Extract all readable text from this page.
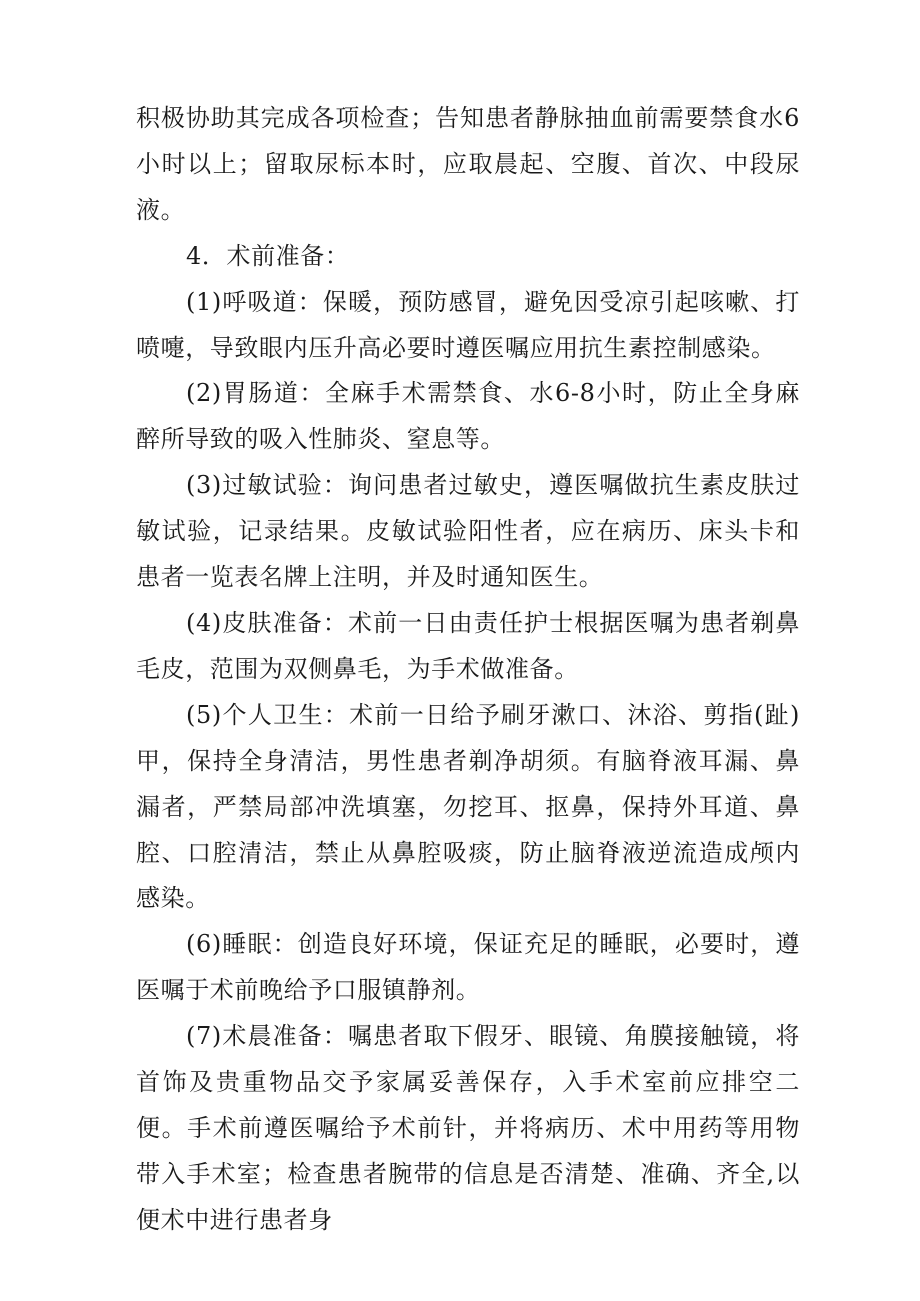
积极协助其完成各项检查；告知患者静脉抽血前需要禁食水6小时以上；留取尿标本时，应取晨起、空腹、首次、中段尿液。

4．术前准备：

(1)呼吸道：保暖，预防感冒，避免因受凉引起咳嗽、打喷嚏，导致眼内压升高必要时遵医嘱应用抗生素控制感染。

(2)胃肠道：全麻手术需禁食、水6-8小时，防止全身麻醉所导致的吸入性肺炎、窒息等。

(3)过敏试验：询问患者过敏史，遵医嘱做抗生素皮肤过敏试验，记录结果。皮敏试验阳性者，应在病历、床头卡和患者一览表名牌上注明，并及时通知医生。

(4)皮肤准备：术前一日由责任护士根据医嘱为患者剃鼻毛皮，范围为双侧鼻毛，为手术做准备。

(5)个人卫生：术前一日给予刷牙漱口、沐浴、剪指(趾)甲，保持全身清洁，男性患者剃净胡须。有脑脊液耳漏、鼻漏者，严禁局部冲洗填塞，勿挖耳、抠鼻，保持外耳道、鼻腔、口腔清洁，禁止从鼻腔吸痰，防止脑脊液逆流造成颅内感染。

(6)睡眠：创造良好环境，保证充足的睡眠，必要时，遵医嘱于术前晚给予口服镇静剂。

(7)术晨准备：嘱患者取下假牙、眼镜、角膜接触镜，将首饰及贵重物品交予家属妥善保存，入手术室前应排空二便。手术前遵医嘱给予术前针，并将病历、术中用药等用物带入手术室；检查患者腕带的信息是否清楚、准确、齐全,以便术中进行患者身
